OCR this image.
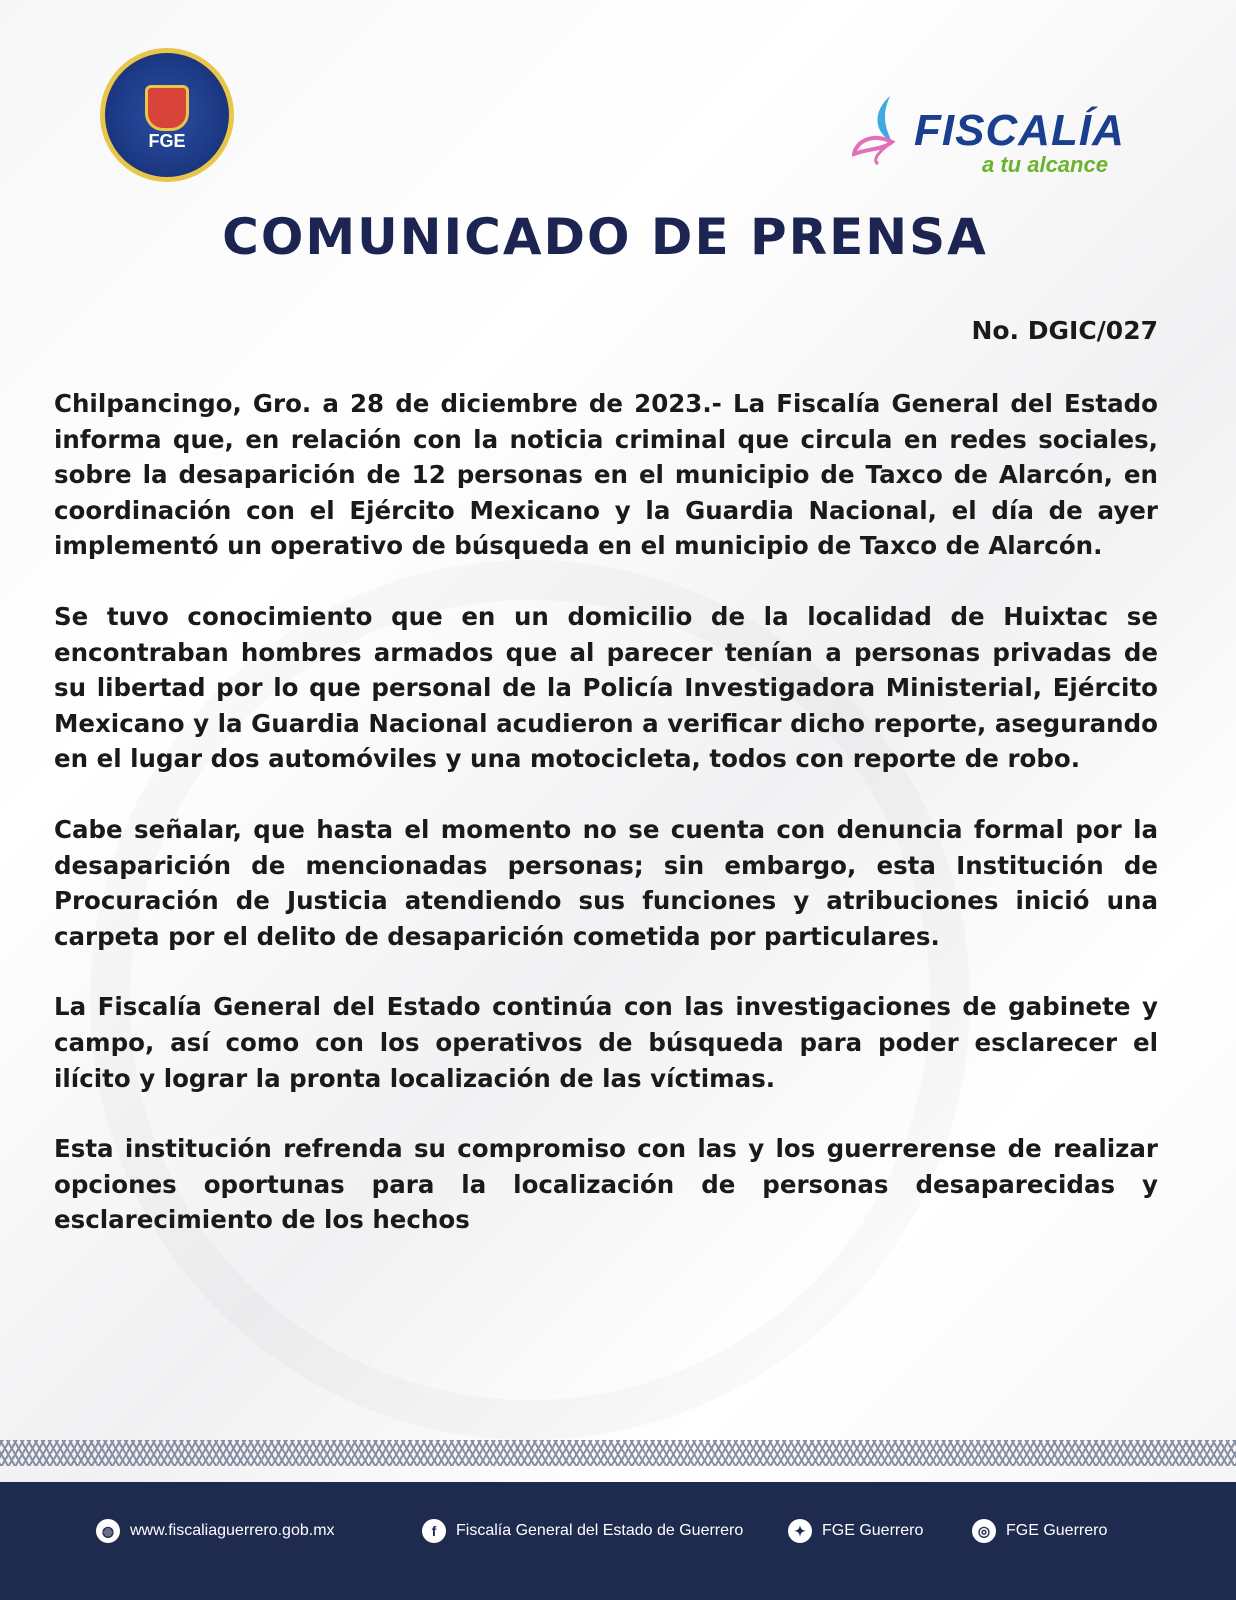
FGE	FISCALÍA
a tu alcance
COMUNICADO DE PRENSA
No. DGIC/027

Chilpancingo, Gro. a 28 de diciembre de 2023.- La Fiscalía General del Estado informa que, en relación con la noticia criminal que circula en redes sociales, sobre la desaparición de 12 personas en el municipio de Taxco de Alarcón, en coordinación con el Ejército Mexicano y la Guardia Nacional, el día de ayer implementó un operativo de búsqueda en el municipio de Taxco de Alarcón.

Se tuvo conocimiento que en un domicilio de la localidad de Huixtac se encontraban hombres armados que al parecer tenían a personas privadas de su libertad por lo que personal de la Policía Investigadora Ministerial, Ejército Mexicano y la Guardia Nacional acudieron a verificar dicho reporte, asegurando en el lugar dos automóviles y una motocicleta, todos con reporte de robo.

Cabe señalar, que hasta el momento no se cuenta con denuncia formal por la desaparición de mencionadas personas; sin embargo, esta Institución de Procuración de Justicia atendiendo sus funciones y atribuciones inició una carpeta por el delito de desaparición cometida por particulares.

La Fiscalía General del Estado continúa con las investigaciones de gabinete y campo, así como con los operativos de búsqueda para poder esclarecer el ilícito y lograr la pronta localización de las víctimas.

Esta institución refrenda su compromiso con las y los guerrerense de realizar opciones oportunas para la localización de personas desaparecidas y esclarecimiento de los hechos

◍ www.fiscaliaguerrero.gob.mx	f	Fiscalía General del Estado de Guerrero	✦	FGE Guerrero	◎ FGE Guerrero
